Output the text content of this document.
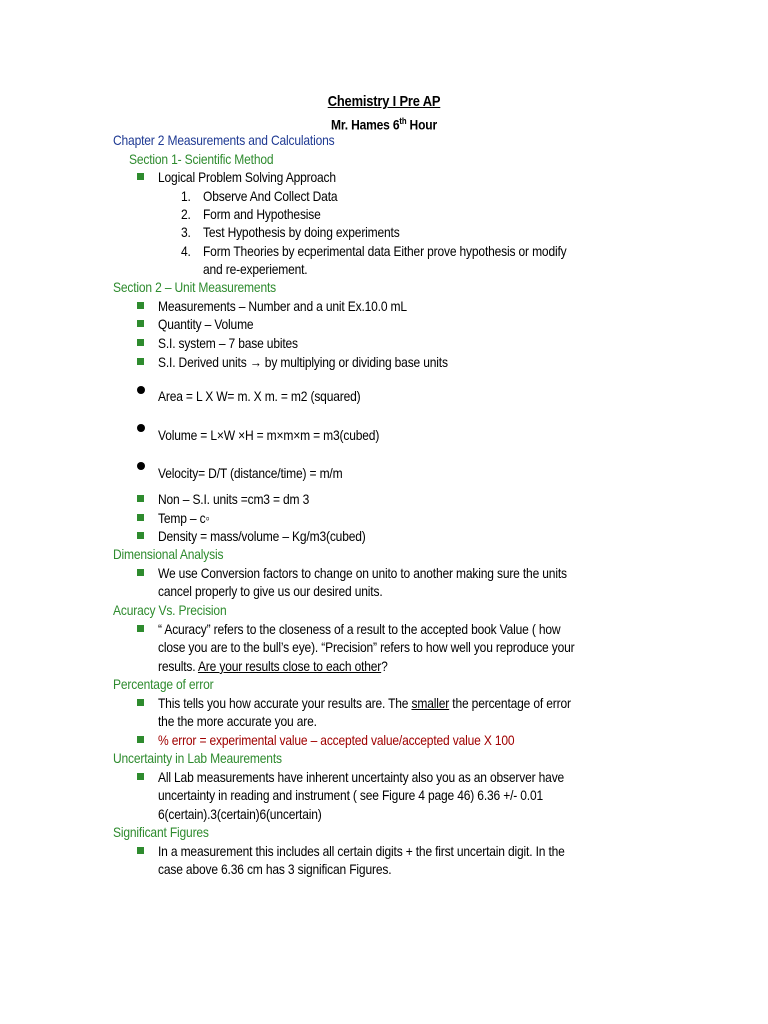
Chemistry I Pre AP
Mr. Hames 6th Hour
Chapter 2 Measurements and Calculations
Section 1- Scientific Method
Logical Problem Solving Approach
1. Observe And Collect Data
2. Form and Hypothesise
3. Test Hypothesis by doing experiments
4. Form Theories by ecperimental data Either prove hypothesis or modify
and re-experiement.
Section 2 – Unit Measurements
Measurements – Number and a unit Ex.10.0 mL
Quantity – Volume
S.I. system – 7 base ubites
S.I. Derived units → by multiplying or dividing base units
Area = L X W= m. X m. = m2 (squared)
Volume = L×W ×H = m×m×m = m3(cubed)
Velocity= D/T (distance/time) = m/m
Non – S.I. units =cm3 = dm 3
Temp – c◦
Density = mass/volume – Kg/m3(cubed)
Dimensional Analysis
We use Conversion factors to change on unito to another making sure the units
cancel properly to give us our desired units.
Acuracy Vs. Precision
“ Acuracy” refers to the closeness of a result to the accepted book Value ( how
close you are to the bull’s eye). “Precision” refers to how well you reproduce your
results. Are your results close to each other?
Percentage of error
This tells you how accurate your results are. The smaller the percentage of error
the the more accurate you are.
% error = experimental value – accepted value/accepted value X 100
Uncertainty in Lab Meaurements
All Lab measurements have inherent uncertainty also you as an observer have
uncertainty in reading and instrument ( see Figure 4 page 46) 6.36 +/- 0.01
6(certain).3(certain)6(uncertain)
Significant Figures
In a measurement this includes all certain digits + the first uncertain digit. In the
case above 6.36 cm has 3 significan Figures.
